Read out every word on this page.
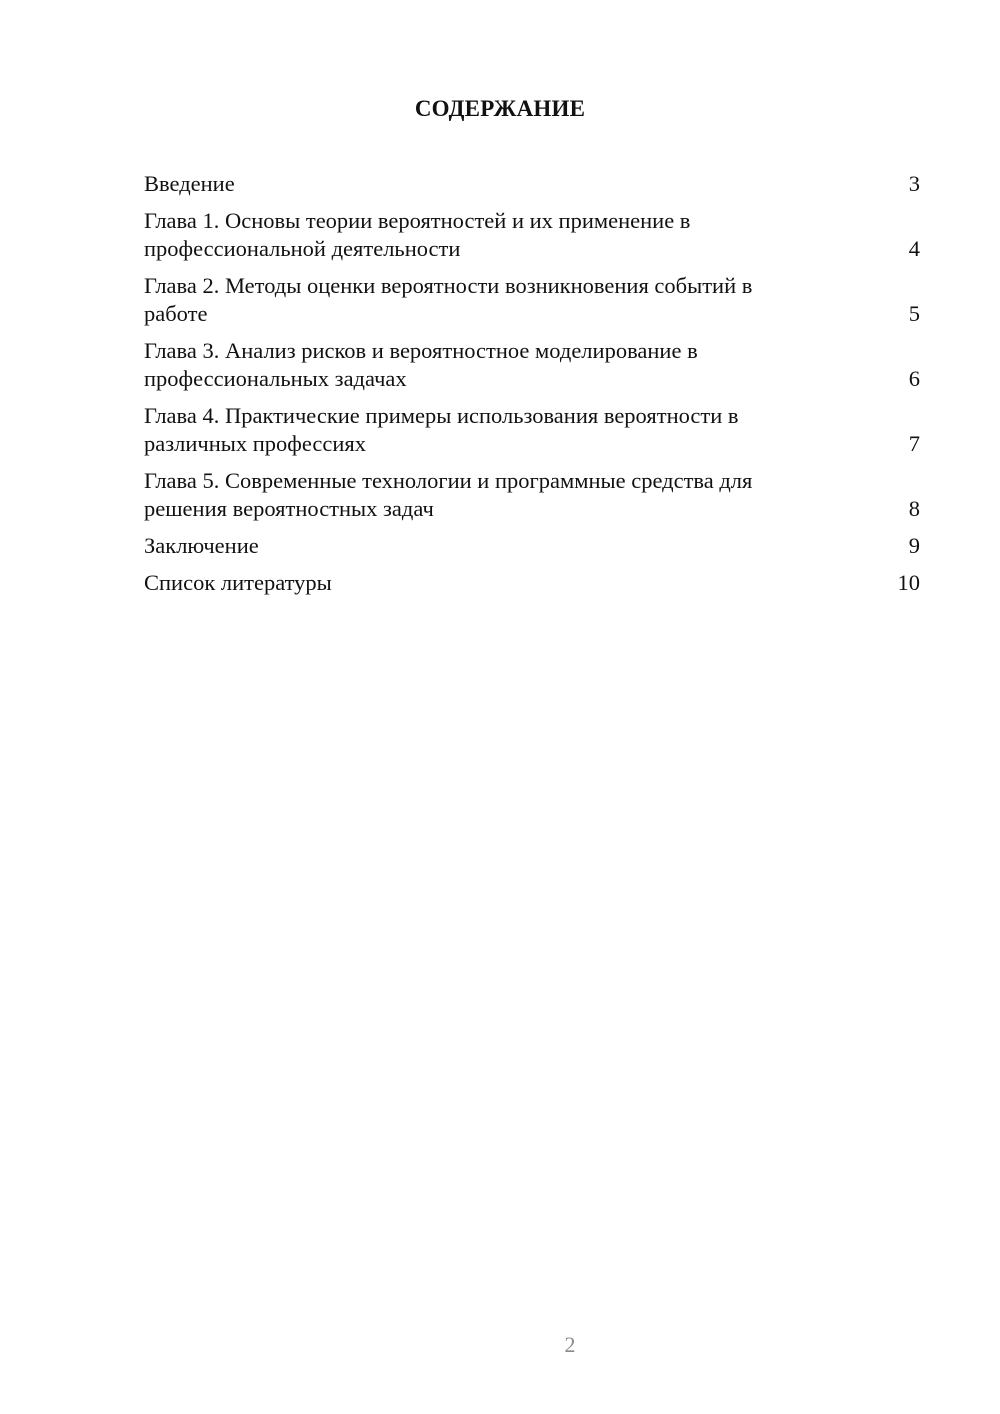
СОДЕРЖАНИЕ
Введение	3
Глава 1. Основы теории вероятностей и их применение в
профессиональной деятельности	4
Глава 2. Методы оценки вероятности возникновения событий в
работе	5
Глава 3. Анализ рисков и вероятностное моделирование в
профессиональных задачах	6
Глава 4. Практические примеры использования вероятности в
различных профессиях	7
Глава 5. Современные технологии и программные средства для
решения вероятностных задач	8
Заключение	9
Список литературы	10
2
